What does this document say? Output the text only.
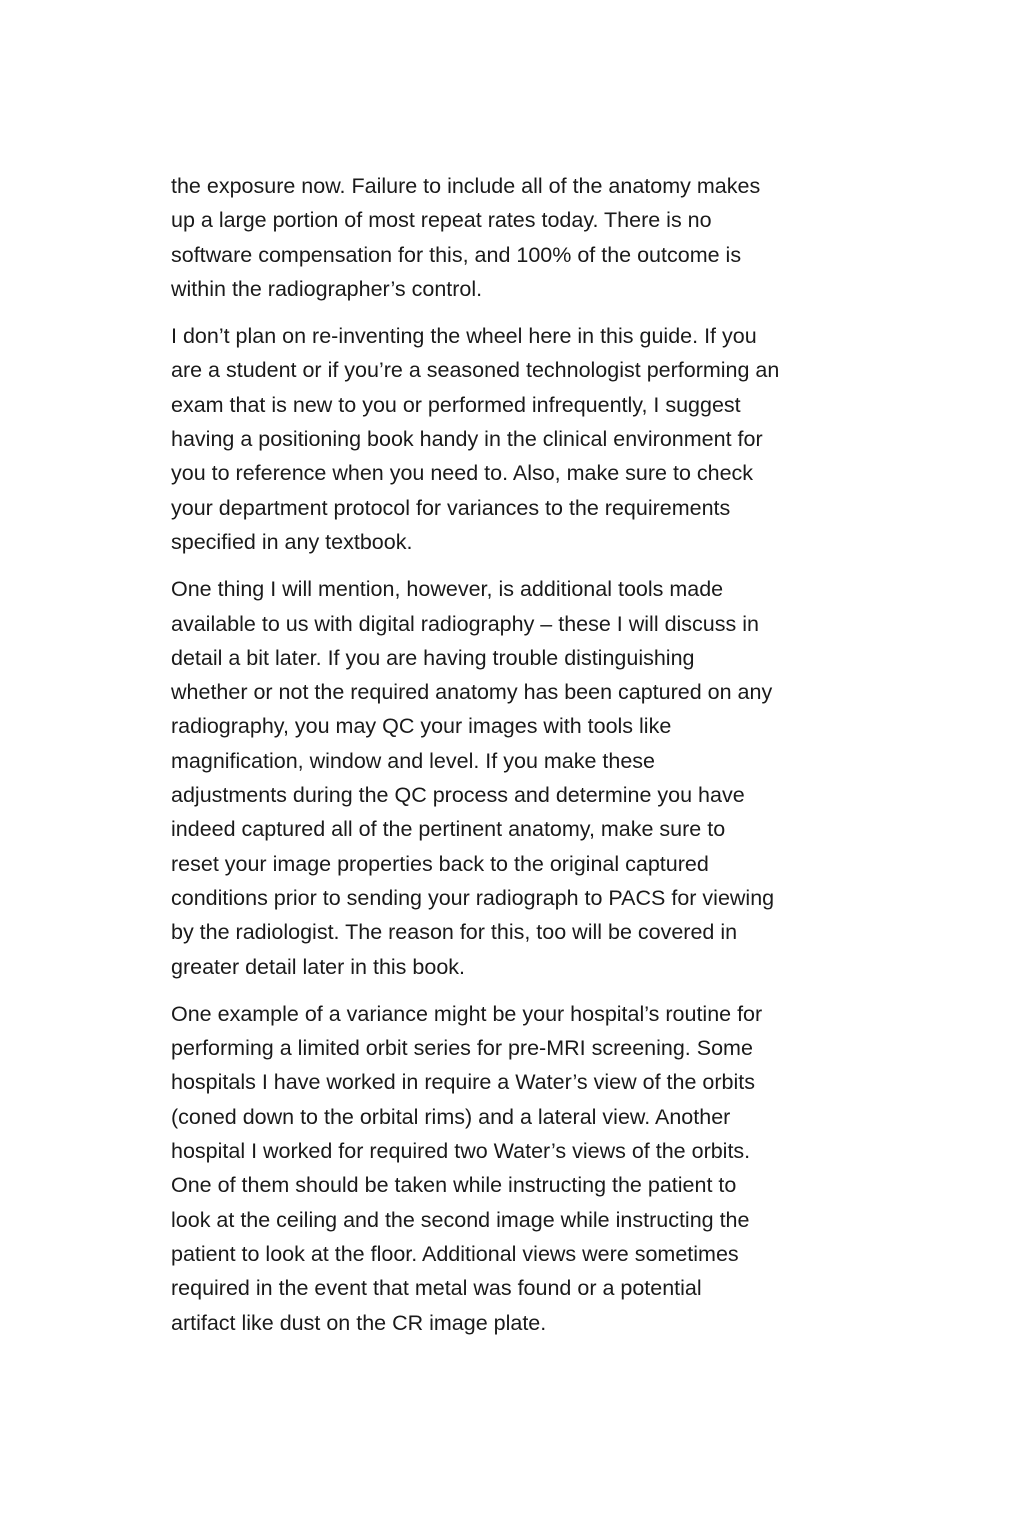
the exposure now. Failure to include all of the anatomy makes
up a large portion of most repeat rates today. There is no
software compensation for this, and 100% of the outcome is
within the radiographer’s control.

I don’t plan on re-inventing the wheel here in this guide. If you
are a student or if you’re a seasoned technologist performing an
exam that is new to you or performed infrequently, I suggest
having a positioning book handy in the clinical environment for
you to reference when you need to. Also, make sure to check
your department protocol for variances to the requirements
specified in any textbook.

One thing I will mention, however, is additional tools made
available to us with digital radiography – these I will discuss in
detail a bit later. If you are having trouble distinguishing
whether or not the required anatomy has been captured on any
radiography, you may QC your images with tools like
magnification, window and level. If you make these
adjustments during the QC process and determine you have
indeed captured all of the pertinent anatomy, make sure to
reset your image properties back to the original captured
conditions prior to sending your radiograph to PACS for viewing
by the radiologist. The reason for this, too will be covered in
greater detail later in this book.

One example of a variance might be your hospital’s routine for
performing a limited orbit series for pre-MRI screening. Some
hospitals I have worked in require a Water’s view of the orbits
(coned down to the orbital rims) and a lateral view. Another
hospital I worked for required two Water’s views of the orbits.
One of them should be taken while instructing the patient to
look at the ceiling and the second image while instructing the
patient to look at the floor. Additional views were sometimes
required in the event that metal was found or a potential
artifact like dust on the CR image plate.
